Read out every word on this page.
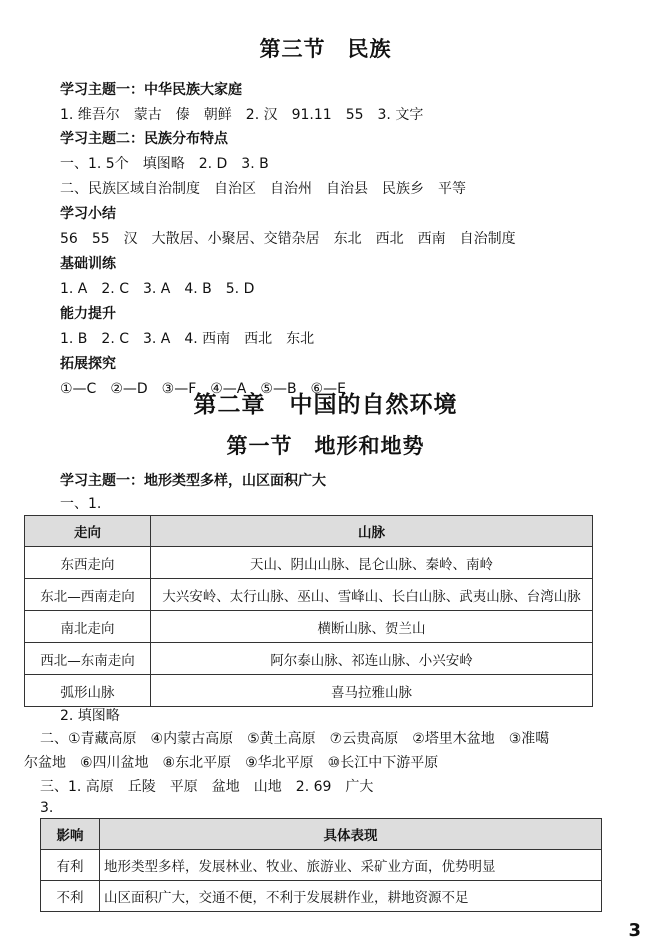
第三节　民族
学习主题一：中华民族大家庭
1. 维吾尔　蒙古　傣　朝鲜　2. 汉　91.11　55　3. 文字
学习主题二：民族分布特点
一、1. 5个　填图略　2. D　3. B
二、民族区域自治制度　自治区　自治州　自治县　民族乡　平等
学习小结
56　55　汉　大散居、小聚居、交错杂居　东北　西北　西南　自治制度
基础训练
1. A　2. C　3. A　4. B　5. D
能力提升
1. B　2. C　3. A　4. 西南　西北　东北
拓展探究
①—C　②—D　③—F　④—A　⑤—B　⑥—E
第二章　中国的自然环境
第一节　地形和地势
学习主题一：地形类型多样，山区面积广大
一、1.
走向	山脉
东西走向	天山、阴山山脉、昆仑山脉、秦岭、南岭
东北—西南走向	大兴安岭、太行山脉、巫山、雪峰山、长白山脉、武夷山脉、台湾山脉
南北走向	横断山脉、贺兰山
西北—东南走向	阿尔泰山脉、祁连山脉、小兴安岭
弧形山脉	喜马拉雅山脉
2. 填图略
二、①青藏高原　④内蒙古高原　⑤黄土高原　⑦云贵高原　②塔里木盆地　③准噶
尔盆地　⑥四川盆地　⑧东北平原　⑨华北平原　⑩长江中下游平原
三、1. 高原　丘陵　平原　盆地　山地　2. 69　广大
3.
影响	具体表现
有利	地形类型多样，发展林业、牧业、旅游业、采矿业方面，优势明显
不利	山区面积广大，交通不便，不利于发展耕作业，耕地资源不足
3
